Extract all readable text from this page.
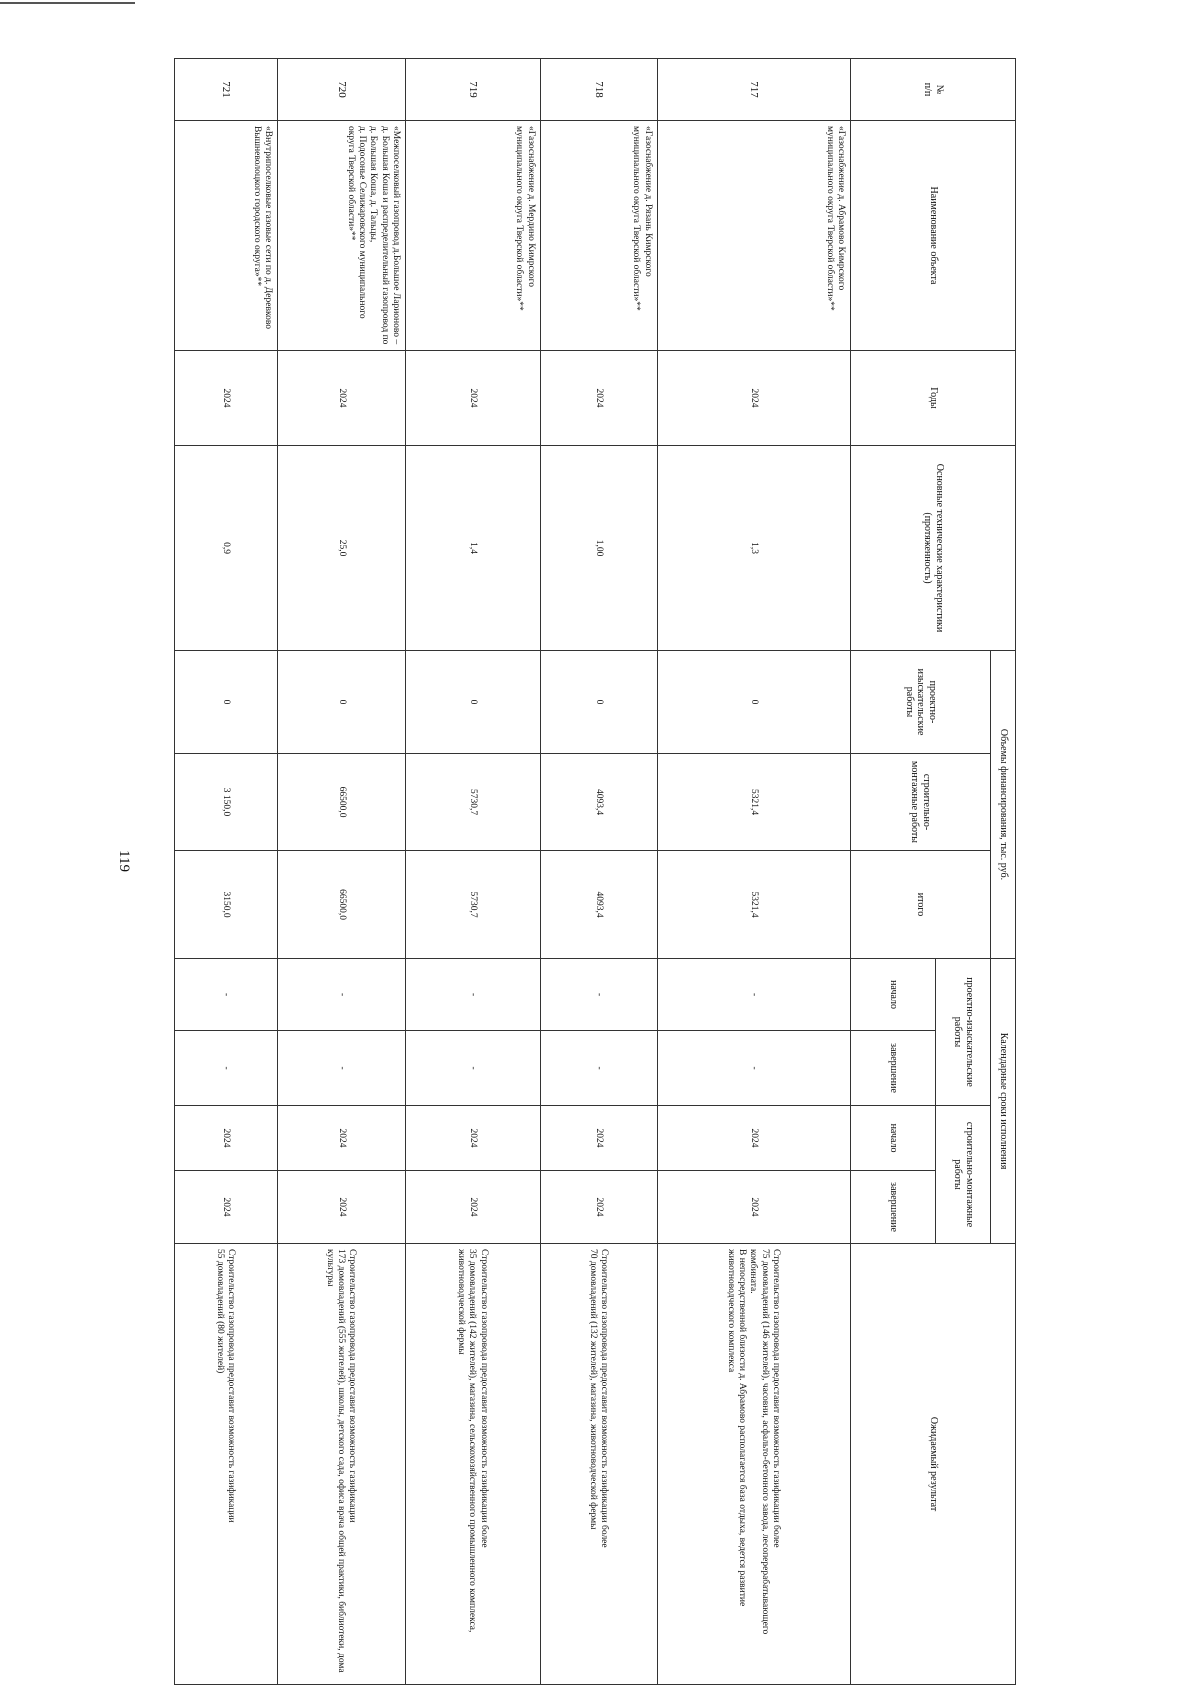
119
№
п/п	Наименование объекта	Годы	Основные технические характеристики (протяженность)	Объемы финансирования, тыс. руб.			Календарные сроки исполнения				Ожидаемый результат
				проектно-изыскательские работы	строительно-монтажные работы	итого	проектно-изыскательские работы		строительно-монтажные работы		
							начало	завершение	начало	завершение	
717	«Газоснабжение д. Абрамово Кимрского муниципального округа Тверской области»**	2024	1,3	0	5321,4	5321,4	-	-	2024	2024	Строительство газопровода предоставит возможность газификации более
75 домовладений (146 жителей), часовни, асфальто-бетонного завода, лесоперерабатывающего комбината.
В непосредственной близости д. Абрамово располагается база отдыха, ведется развитие животноводческого комплекса
718	«Газоснабжение д. Рязань Кимрского муниципального округа Тверской области»**	2024	1,00	0	4093,4	4093,4	-	-	2024	2024	Строительство газопровода предоставит возможность газификации более
70 домовладений (132 жителей), магазина, животноводческой фермы
719	«Газоснабжение д. Мердино Кимрского муниципального округа Тверской области»**	2024	1,4	0	5730,7	5730,7	-	-	2024	2024	Строительство газопровода предоставит возможность газификации более
35 домовладений (142 жителей), магазина, сельскохозяйственного промышленного комплекса, животноводческой фермы
720	«Межпоселковый газопровод д.Большое Ларионово – д. Большая Коша и распределительный газопровод по д. Большая Коша, д. Тальцы,
д. Подосонье Селижаровского муниципального округа Тверской области»**	2024	25,0	0	66500,0	66500,0	-	-	2024	2024	Строительство газопровода предоставит возможность газификации
173 домовладений (555 жителей), школы, детского сада, офиса врача общей практики, библиотеки, дома культуры
721	«Внутрипоселковые газовые сети по д. Деревково Вышневолоцкого городского округа»**	2024	0,9	0	3 150,0	3150,0	-	-	2024	2024	Строительство газопровода предоставит возможность газификации
55 домовладений (80 жителей)
